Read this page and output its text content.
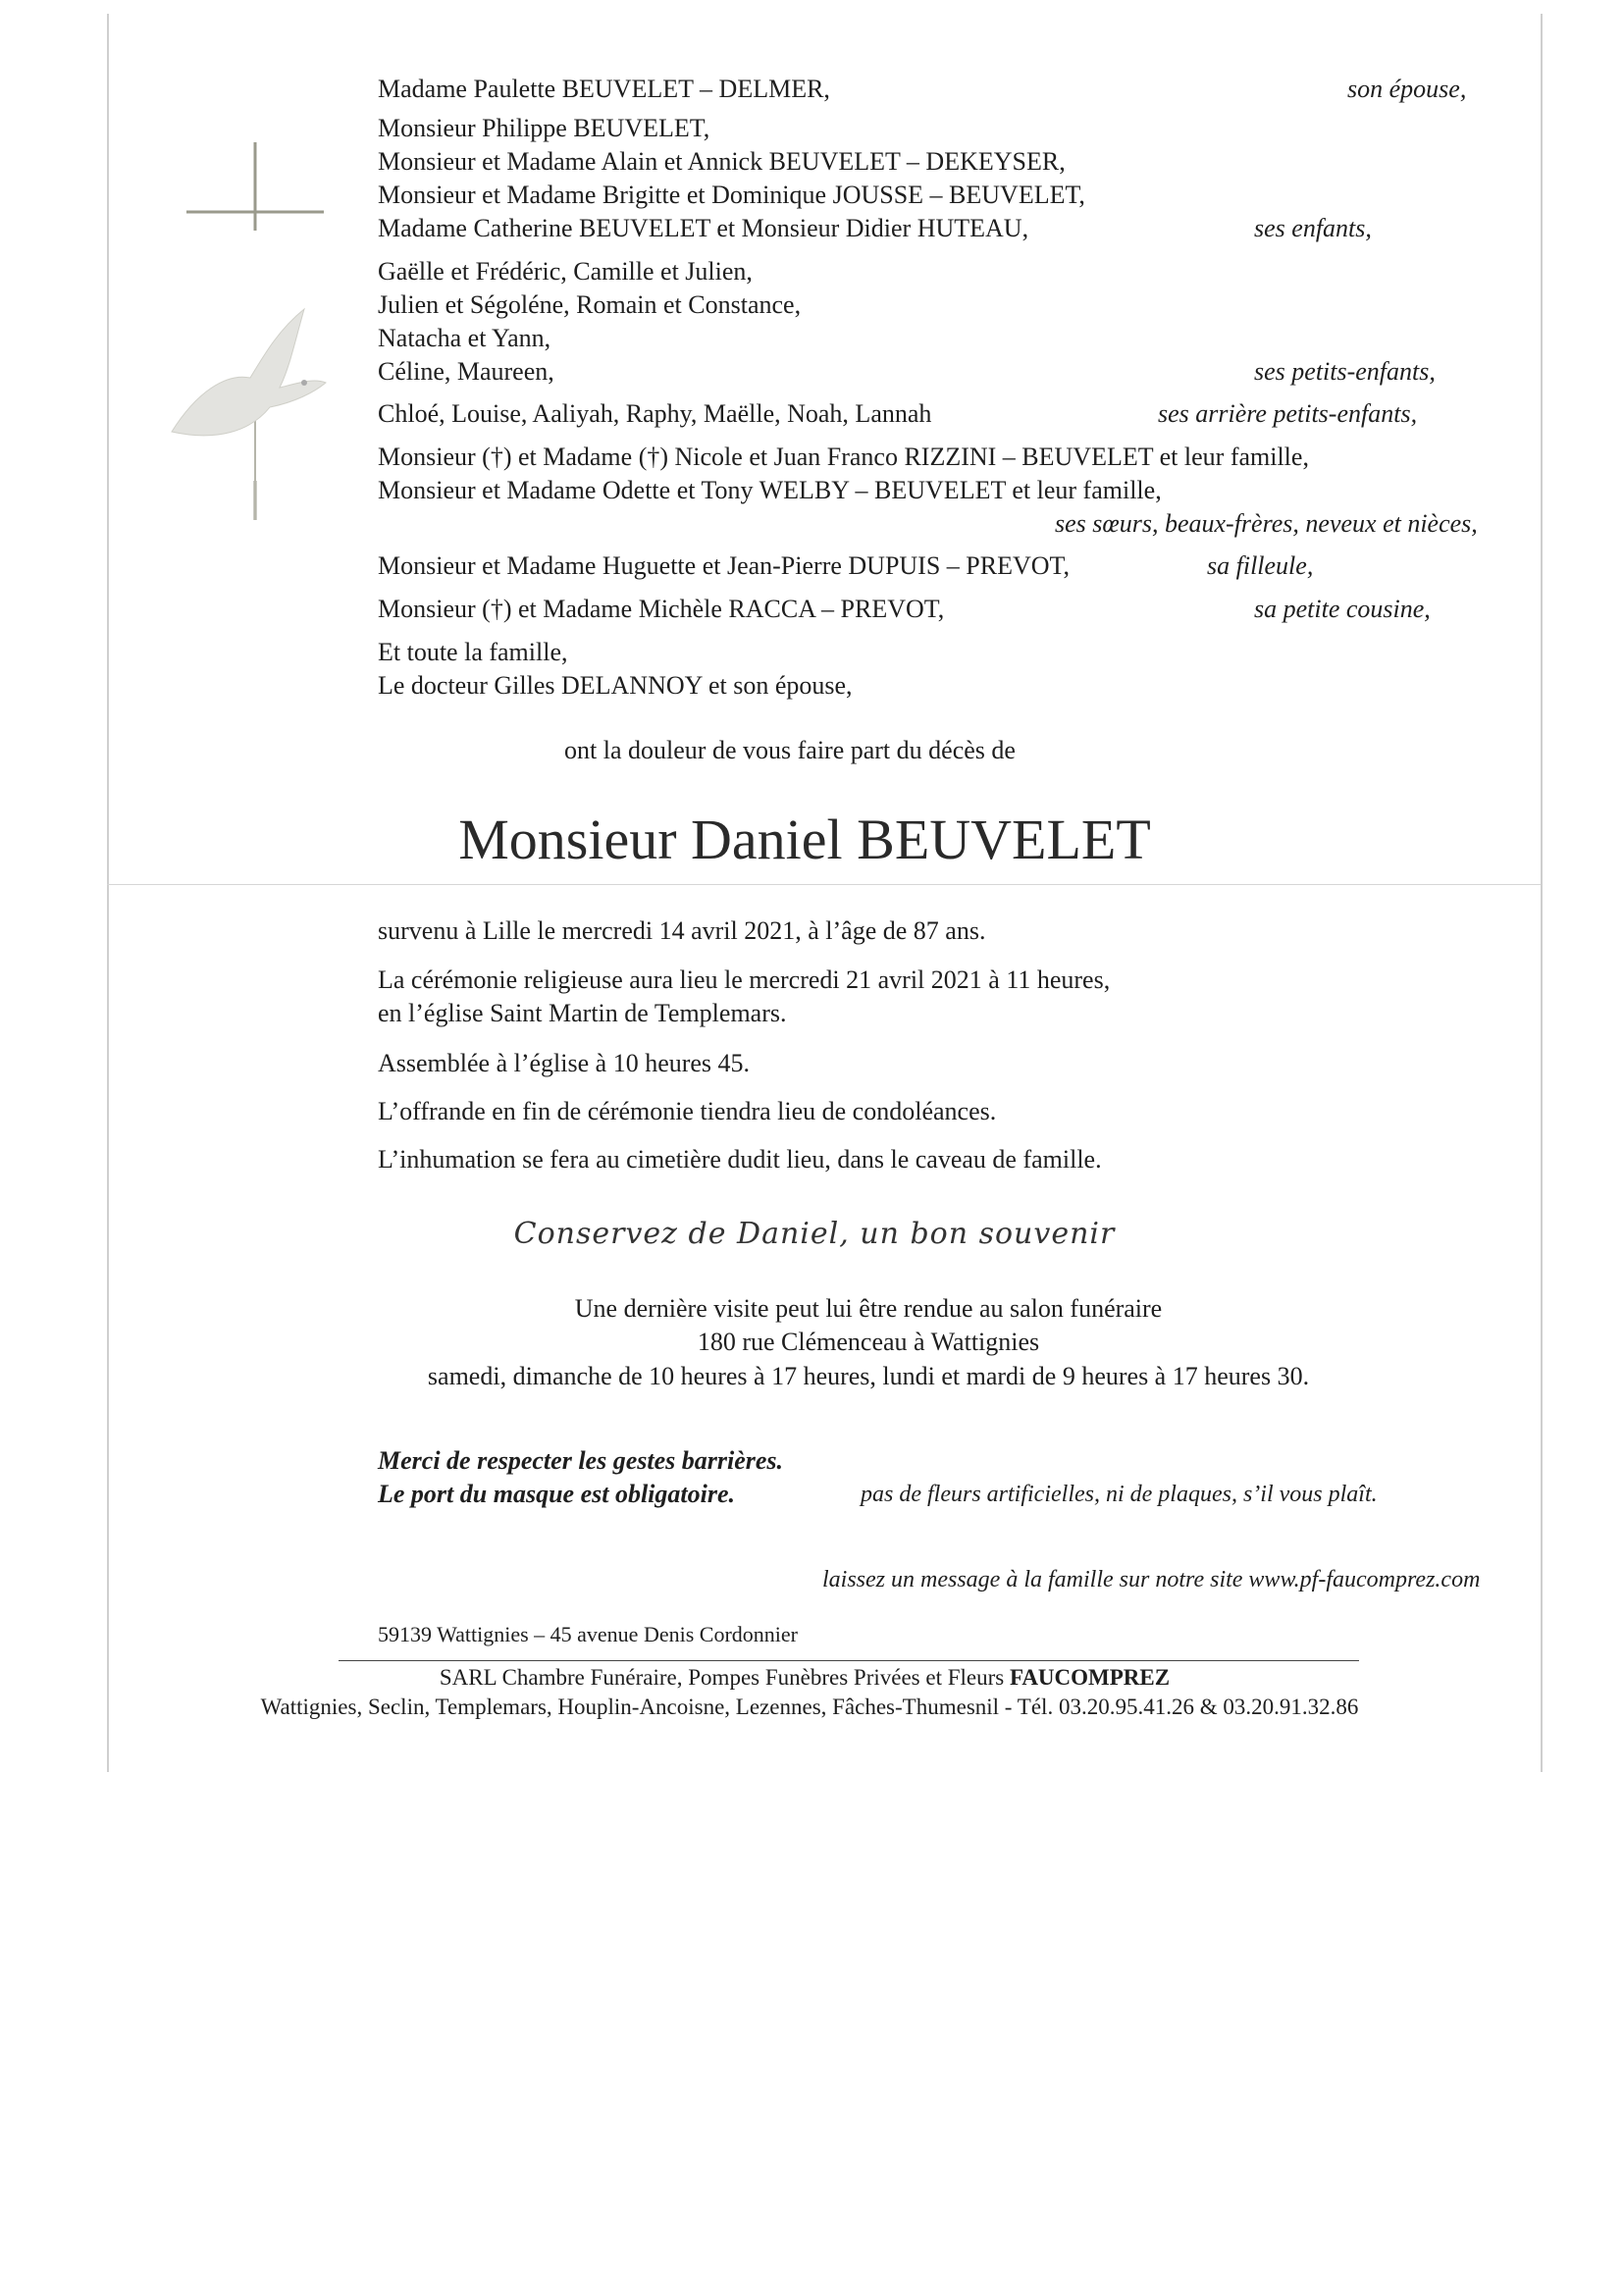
Madame Paulette BEUVELET – DELMER,	son épouse,
Monsieur Philippe BEUVELET,
Monsieur et Madame Alain et Annick BEUVELET – DEKEYSER,
Monsieur et Madame Brigitte et Dominique JOUSSE – BEUVELET,
Madame Catherine BEUVELET et Monsieur Didier HUTEAU,	ses enfants,
Gaëlle et Frédéric, Camille et Julien,
Julien et Ségoléne, Romain et Constance,
Natacha et Yann,
Céline, Maureen,	ses petits-enfants,
Chloé, Louise, Aaliyah, Raphy, Maëlle, Noah, Lannah	ses arrière petits-enfants,
Monsieur (†) et Madame (†) Nicole et Juan Franco RIZZINI – BEUVELET et leur famille,
Monsieur et Madame Odette et Tony WELBY – BEUVELET et leur famille,
ses sœurs, beaux-frères, neveux et nièces,
Monsieur et Madame Huguette et Jean-Pierre DUPUIS – PREVOT,	sa filleule,
Monsieur (†) et Madame Michèle RACCA – PREVOT,	sa petite cousine,
Et toute la famille,
Le docteur Gilles DELANNOY et son épouse,
ont la douleur de vous faire part du décès de
Monsieur Daniel BEUVELET
survenu à Lille le mercredi 14 avril 2021, à l’âge de 87 ans.
La cérémonie religieuse aura lieu le mercredi 21 avril 2021 à 11 heures,
en l’église Saint Martin de Templemars.
Assemblée à l’église à 10 heures 45.
L’offrande en fin de cérémonie tiendra lieu de condoléances.
L’inhumation se fera au cimetière dudit lieu, dans le caveau de famille.
Conservez de Daniel, un bon souvenir
Une dernière visite peut lui être rendue au salon funéraire
180 rue Clémenceau à Wattignies
samedi, dimanche de 10 heures à 17 heures, lundi et mardi de 9 heures à 17 heures 30.
Merci de respecter les gestes barrières.
Le port du masque est obligatoire.	pas de fleurs artificielles, ni de plaques, s’il vous plaît.
laissez un message à la famille sur notre site www.pf-faucomprez.com
59139 Wattignies – 45 avenue Denis Cordonnier
SARL Chambre Funéraire, Pompes Funèbres Privées et Fleurs FAUCOMPREZ
Wattignies, Seclin, Templemars, Houplin-Ancoisne, Lezennes, Fâches-Thumesnil - Tél. 03.20.95.41.26 & 03.20.91.32.86
